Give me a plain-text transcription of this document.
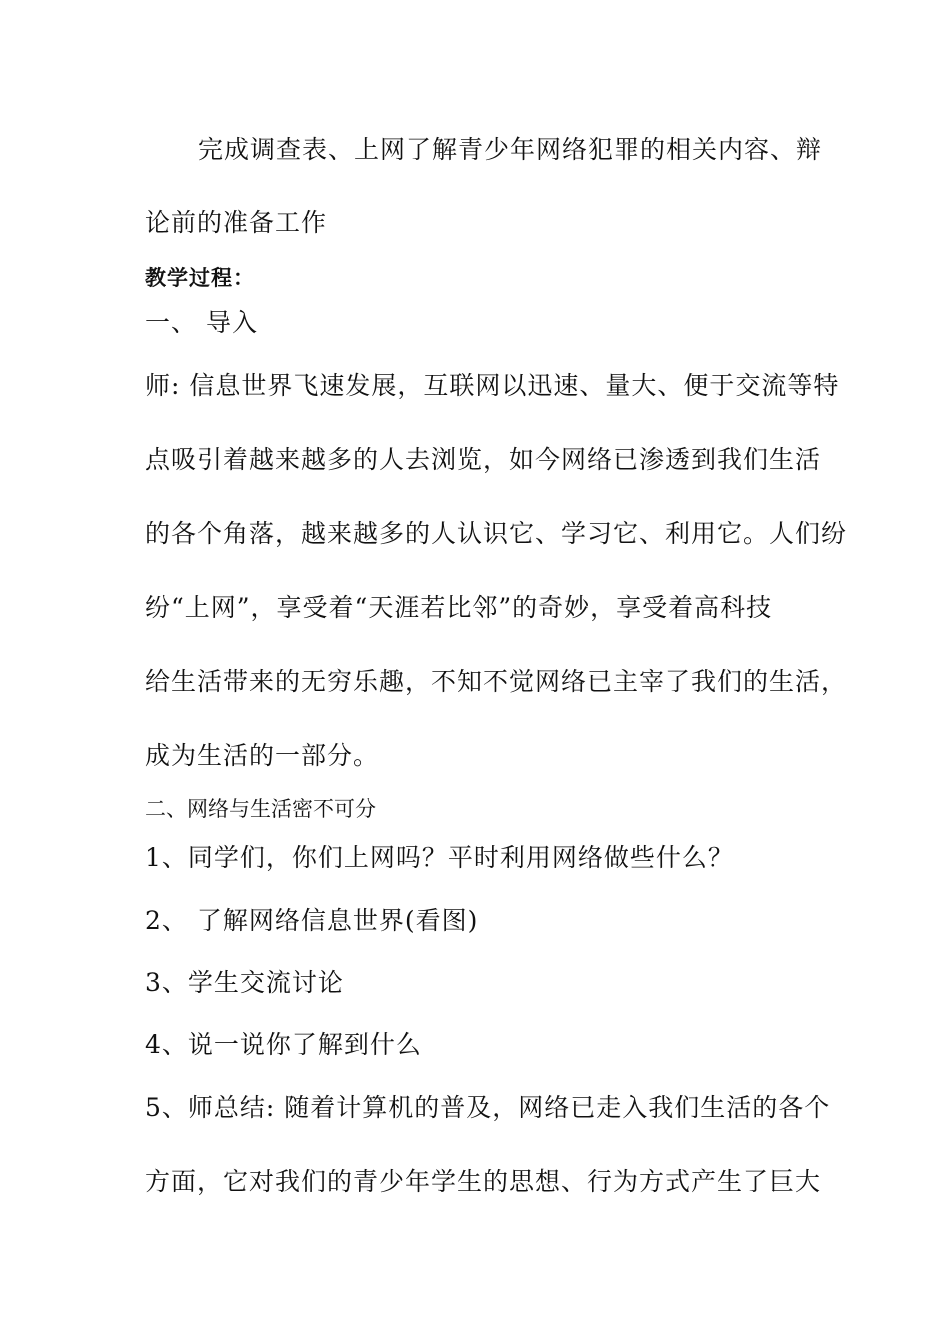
完成调查表、上网了解青少年网络犯罪的相关内容、辩
论前的准备工作
教学过程：
一、 导入
师: 信息世界飞速发展，互联网以迅速、量大、便于交流等特
点吸引着越来越多的人去浏览，如今网络已渗透到我们生活
的各个角落，越来越多的人认识它、学习它、利用它。人们纷
纷“上网”，享受着“天涯若比邻”的奇妙，享受着高科技
给生活带来的无穷乐趣，不知不觉网络已主宰了我们的生活，
成为生活的一部分。
二、网络与生活密不可分
1、同学们，你们上网吗？平时利用网络做些什么？
2、 了解网络信息世界(看图)
3、学生交流讨论
4、说一说你了解到什么
5、师总结: 随着计算机的普及，网络已走入我们生活的各个
方面，它对我们的青少年学生的思想、行为方式产生了巨大
